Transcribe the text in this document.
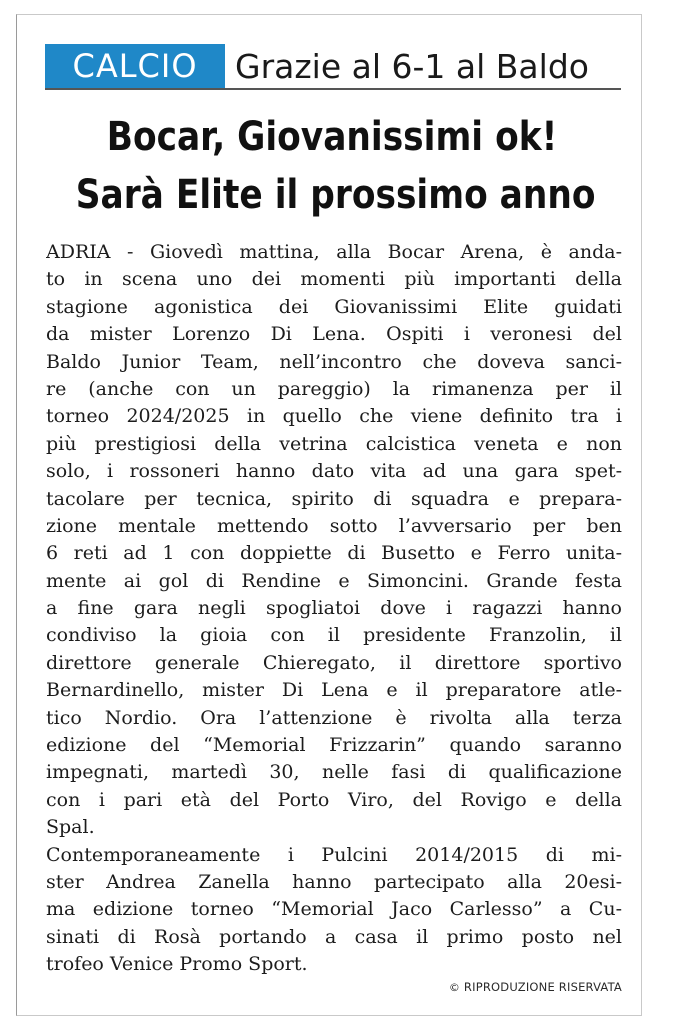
CALCIO	Grazie al 6-1 al Baldo
Bocar, Giovanissimi ok!
Sarà Elite il prossimo anno
ADRIA - Giovedì mattina, alla Bocar Arena, è anda-
to in scena uno dei momenti più importanti della
stagione agonistica dei Giovanissimi Elite guidati
da mister Lorenzo Di Lena. Ospiti i veronesi del
Baldo Junior Team, nell’incontro che doveva sanci-
re (anche con un pareggio) la rimanenza per il
torneo 2024/2025 in quello che viene definito tra i
più prestigiosi della vetrina calcistica veneta e non
solo, i rossoneri hanno dato vita ad una gara spet-
tacolare per tecnica, spirito di squadra e prepara-
zione mentale mettendo sotto l’avversario per ben
6 reti ad 1 con doppiette di Busetto e Ferro unita-
mente ai gol di Rendine e Simoncini. Grande festa
a fine gara negli spogliatoi dove i ragazzi hanno
condiviso la gioia con il presidente Franzolin, il
direttore generale Chieregato, il direttore sportivo
Bernardinello, mister Di Lena e il preparatore atle-
tico Nordio. Ora l’attenzione è rivolta alla terza
edizione del “Memorial Frizzarin” quando saranno
impegnati, martedì 30, nelle fasi di qualificazione
con i pari età del Porto Viro, del Rovigo e della
Spal.
Contemporaneamente i Pulcini 2014/2015 di mi-
ster Andrea Zanella hanno partecipato alla 20esi-
ma edizione torneo “Memorial Jaco Carlesso” a Cu-
sinati di Rosà portando a casa il primo posto nel
trofeo Venice Promo Sport.
© RIPRODUZIONE RISERVATA
